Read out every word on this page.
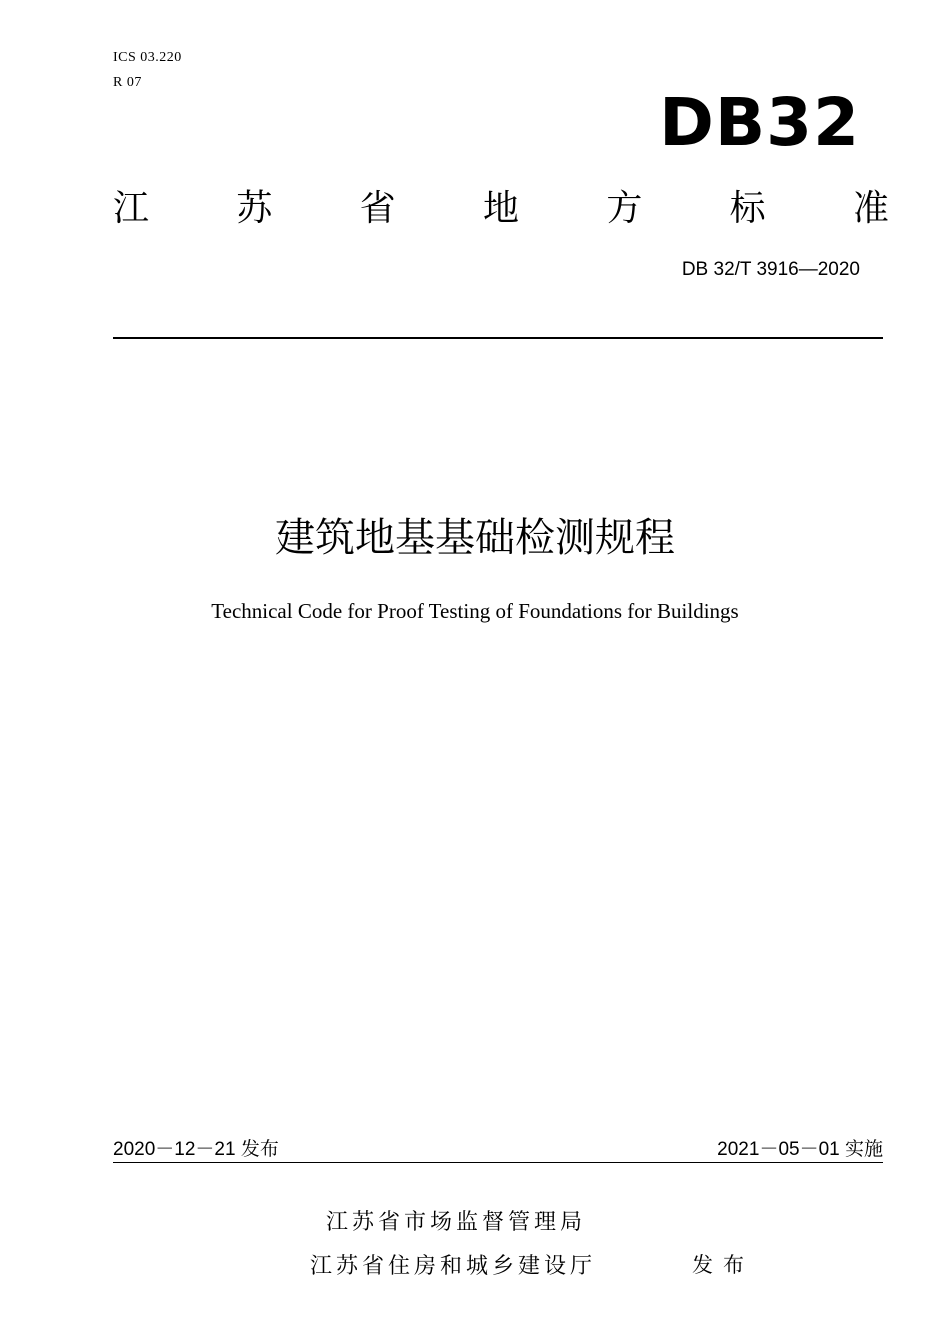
ICS 03.220
R 07
DB32
江 苏 省 地 方 标 准
DB 32/T 3916—2020
建筑地基基础检测规程
Technical Code for Proof Testing of Foundations for Buildings
2020－12－21 发布	2021－05－01 实施
江苏省市场监督管理局
江苏省住房和城乡建设厅	发布
